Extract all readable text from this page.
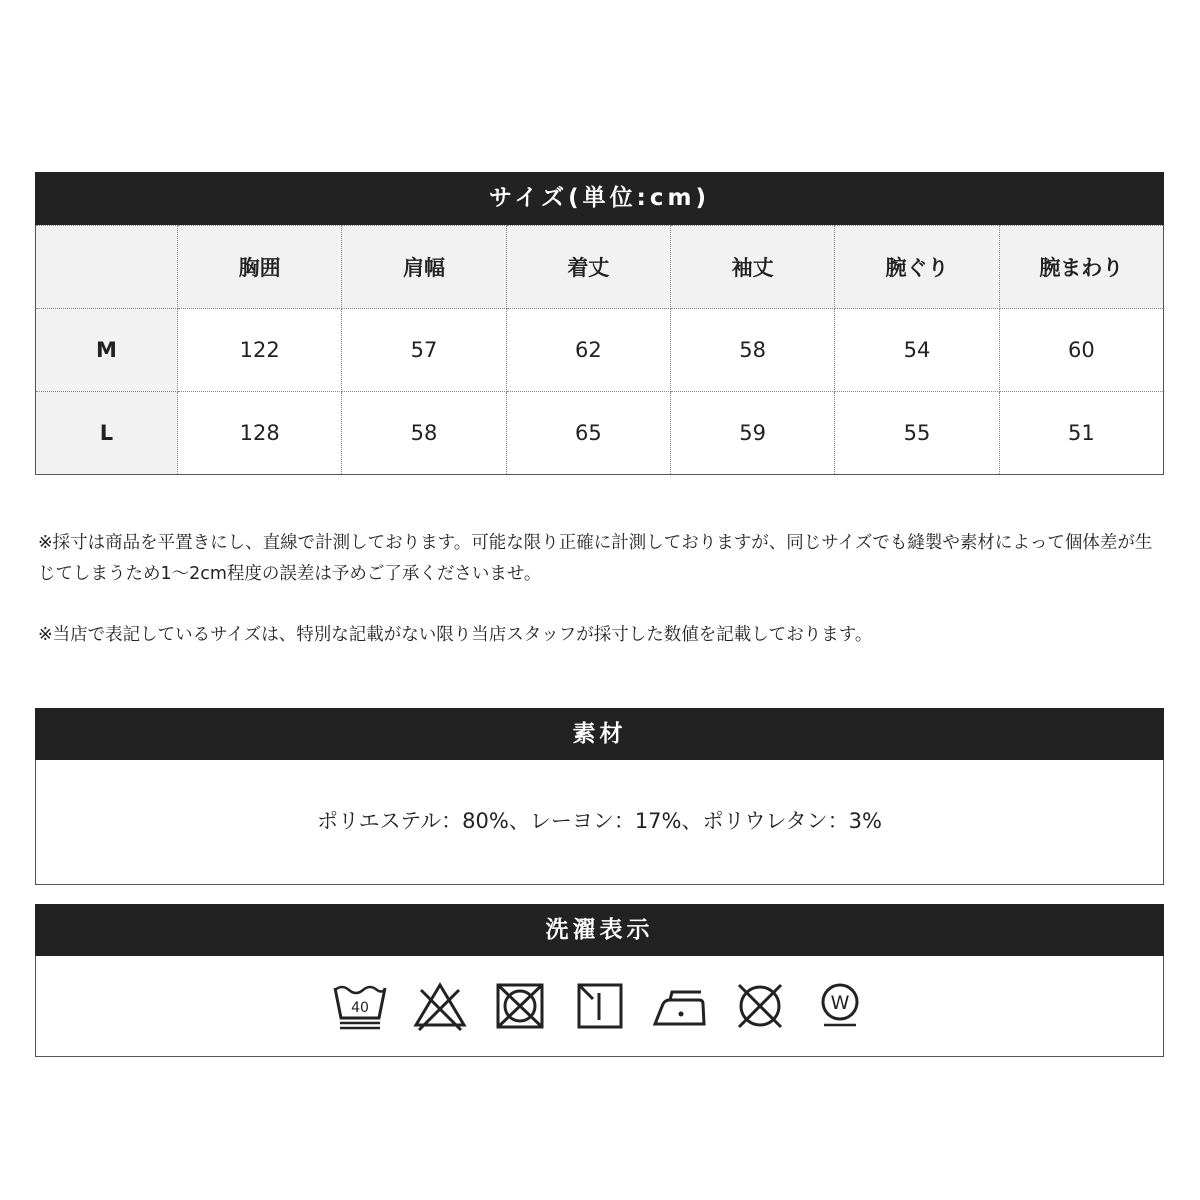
サイズ(単位:cm)
	胸囲	肩幅	着丈	袖丈	腕ぐり	腕まわり
M	122	57	62	58	54	60
L	128	58	65	59	55	51
※採寸は商品を平置きにし、直線で計測しております。可能な限り正確に計測しておりますが、同じサイズでも縫製や素材によって個体差が生じてしまうため1～2cm程度の誤差は予めご了承くださいませ。
※当店で表記しているサイズは、特別な記載がない限り当店スタッフが採寸した数値を記載しております。
素材
ポリエステル：80%、レーヨン：17%、ポリウレタン：3%
洗濯表示
40	W
